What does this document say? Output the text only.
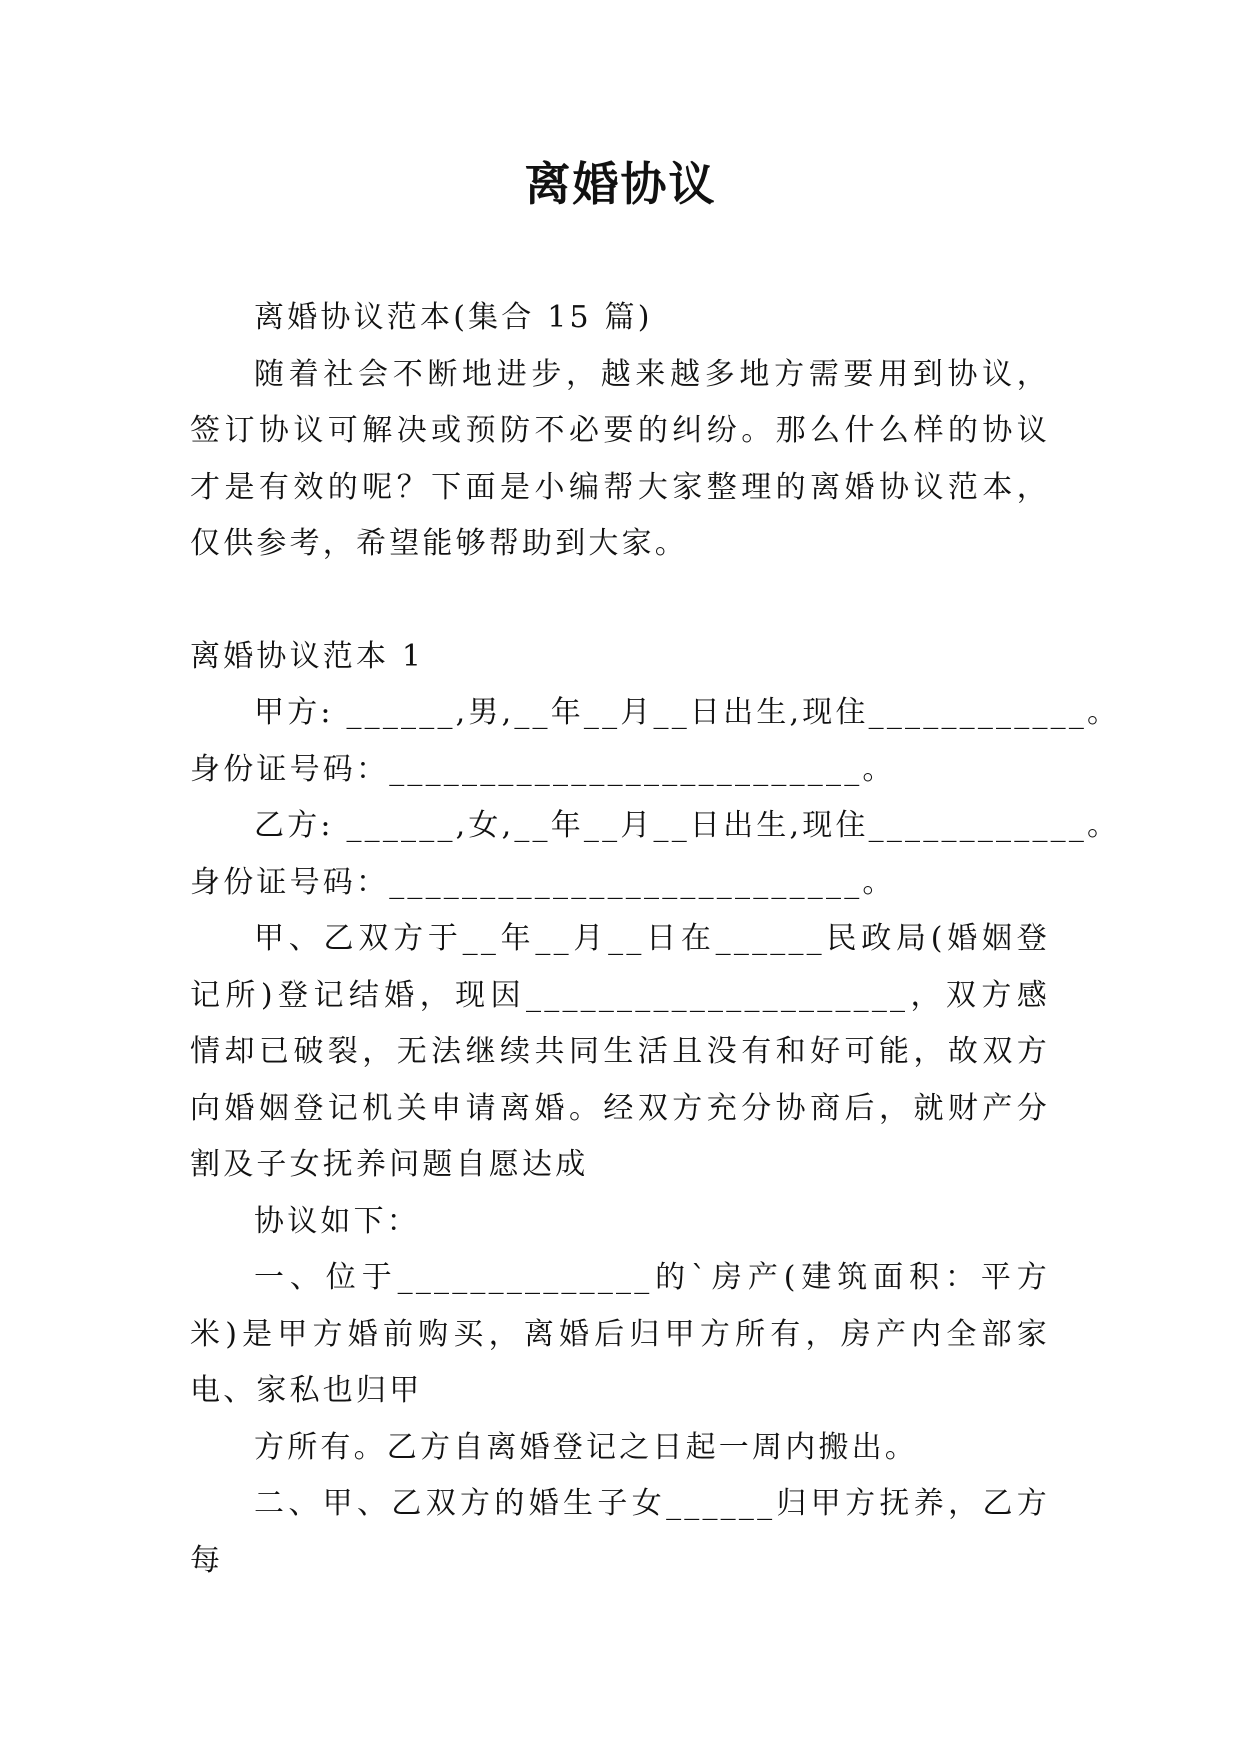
离婚协议

离婚协议范本(集合 15 篇)

随着社会不断地进步，越来越多地方需要用到协议，签订协议可解决或预防不必要的纠纷。那么什么样的协议才是有效的呢？下面是小编帮大家整理的离婚协议范本，仅供参考，希望能够帮助到大家。

离婚协议范本 1

甲方: ______,男,__年__月__日出生,现住____________。

身份证号码：__________________________。

乙方: ______,女,__年__月__日出生,现住____________。

身份证号码：__________________________。

甲、乙双方于__年__月__日在______民政局(婚姻登记所)登记结婚，现因_____________________，双方感情却已破裂，无法继续共同生活且没有和好可能，故双方向婚姻登记机关申请离婚。经双方充分协商后，就财产分割及子女抚养问题自愿达成

协议如下：

一、位于______________的`房产(建筑面积：平方米)是甲方婚前购买，离婚后归甲方所有，房产内全部家电、家私也归甲

方所有。乙方自离婚登记之日起一周内搬出。

二、甲、乙双方的婚生子女______归甲方抚养，乙方每
